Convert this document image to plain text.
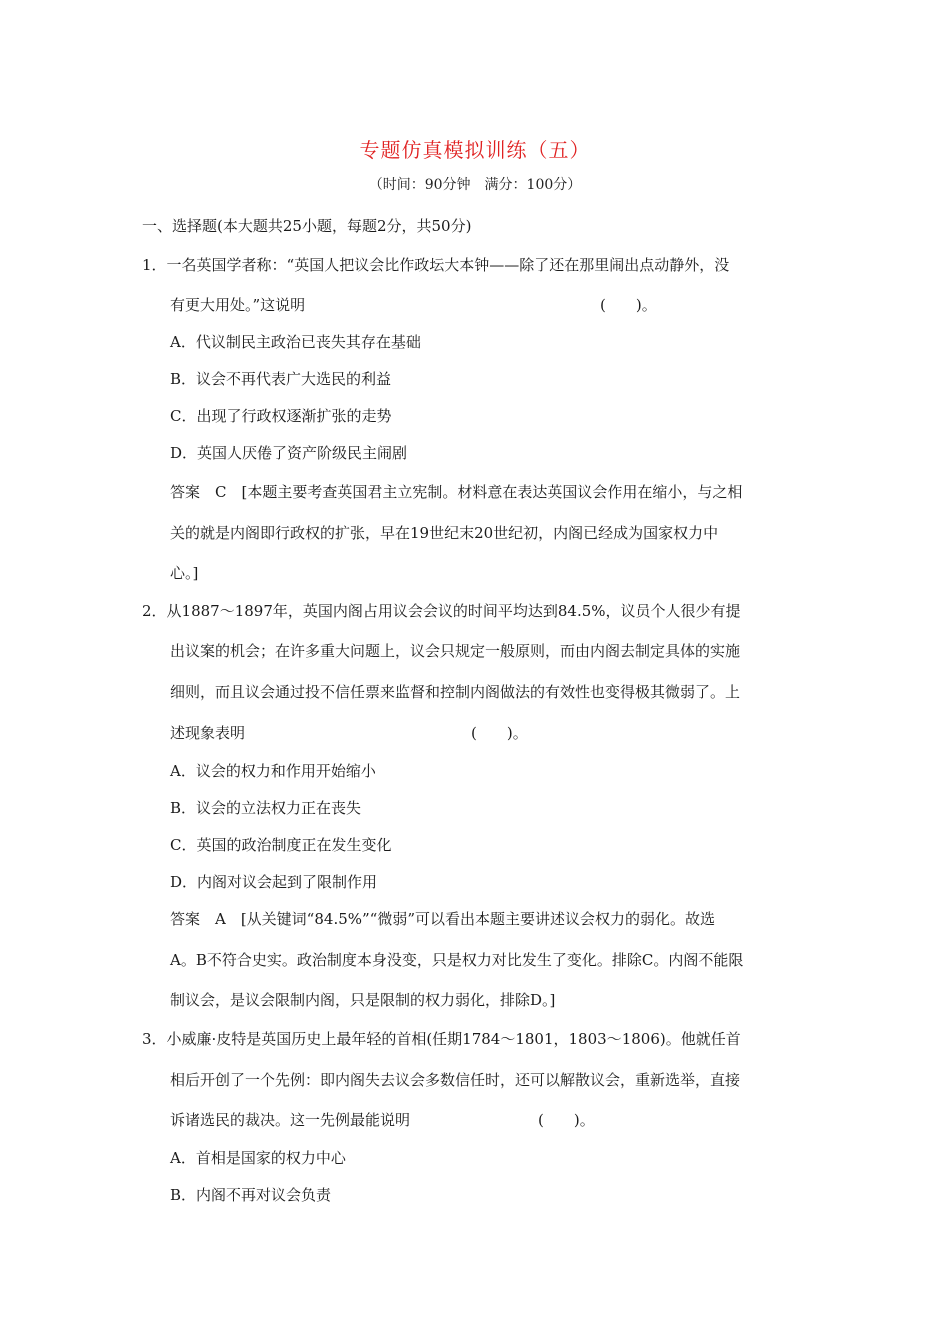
专题仿真模拟训练（五）
（时间：90分钟　满分：100分）
一、选择题(本大题共25小题，每题2分，共50分)
1．一名英国学者称：“英国人把议会比作政坛大本钟——除了还在那里闹出点动静外，没
有更大用处。”这说明	(　　)。
A．代议制民主政治已丧失其存在基础
B．议会不再代表广大选民的利益
C．出现了行政权逐渐扩张的走势
D．英国人厌倦了资产阶级民主闹剧
答案　C　[本题主要考查英国君主立宪制。材料意在表达英国议会作用在缩小，与之相
关的就是内阁即行政权的扩张，早在19世纪末20世纪初，内阁已经成为国家权力中
心。]
2．从1887～1897年，英国内阁占用议会会议的时间平均达到84.5%，议员个人很少有提
出议案的机会；在许多重大问题上，议会只规定一般原则，而由内阁去制定具体的实施
细则，而且议会通过投不信任票来监督和控制内阁做法的有效性也变得极其微弱了。上
述现象表明	(　　)。
A．议会的权力和作用开始缩小
B．议会的立法权力正在丧失
C．英国的政治制度正在发生变化
D．内阁对议会起到了限制作用
答案　A　[从关键词“84.5%”“微弱”可以看出本题主要讲述议会权力的弱化。故选
A。B不符合史实。政治制度本身没变，只是权力对比发生了变化。排除C。内阁不能限
制议会，是议会限制内阁，只是限制的权力弱化，排除D。]
3．小威廉·皮特是英国历史上最年轻的首相(任期1784～1801，1803～1806)。他就任首
相后开创了一个先例：即内阁失去议会多数信任时，还可以解散议会，重新选举，直接
诉诸选民的裁决。这一先例最能说明	(　　)。
A．首相是国家的权力中心
B．内阁不再对议会负责
